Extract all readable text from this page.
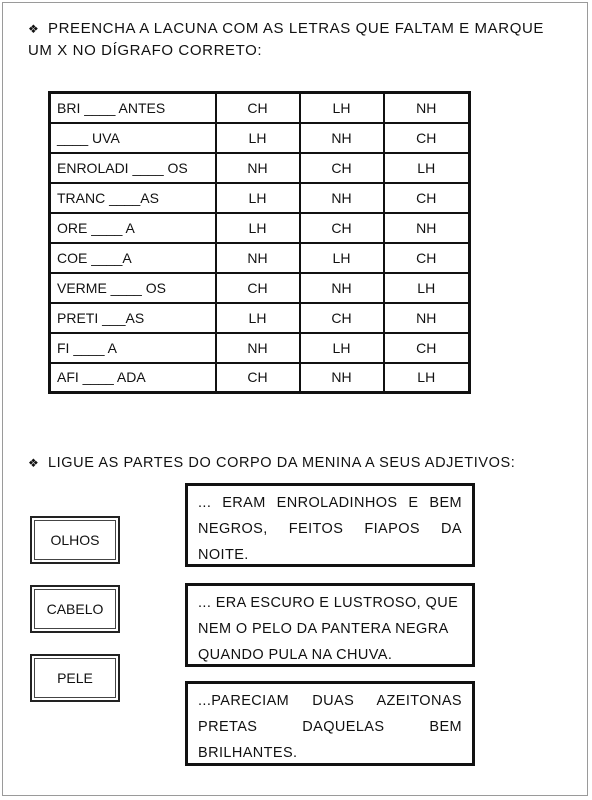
❖ PREENCHA A LACUNA COM AS LETRAS QUE FALTAM E MARQUE UM X NO DÍGRAFO CORRETO:
BRI ____ ANTES	CH	LH	NH
____ UVA	LH	NH	CH
ENROLADI ____ OS	NH	CH	LH
TRANC ____AS	LH	NH	CH
ORE ____ A	LH	CH	NH
COE ____A	NH	LH	CH
VERME ____ OS	CH	NH	LH
PRETI ___AS	LH	CH	NH
FI ____ A	NH	LH	CH
AFI ____ ADA	CH	NH	LH
❖ LIGUE AS PARTES DO CORPO DA MENINA A SEUS ADJETIVOS:
OLHOS
CABELO
PELE
... ERAM ENROLADINHOS E BEM NEGROS, FEITOS FIAPOS DA NOITE.
... ERA ESCURO E LUSTROSO, QUE NEM O PELO DA PANTERA NEGRA QUANDO PULA NA CHUVA.
...PARECIAM DUAS AZEITONAS PRETAS DAQUELAS BEM BRILHANTES.
